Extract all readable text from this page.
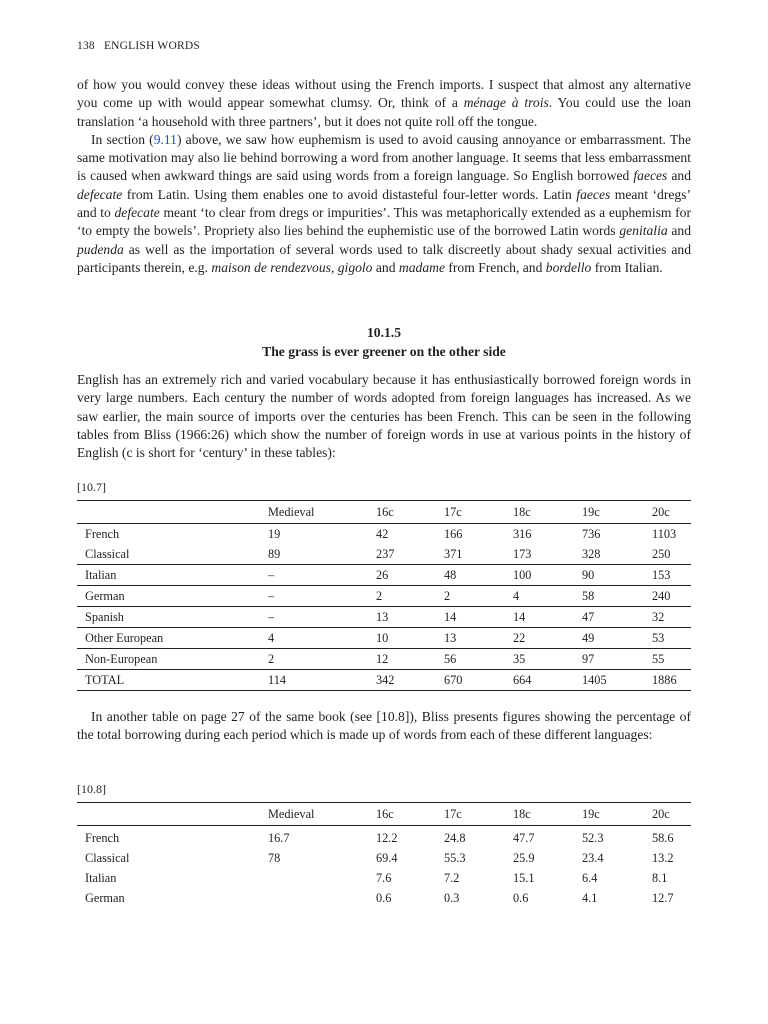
138 ENGLISH WORDS

of how you would convey these ideas without using the French imports. I suspect that almost any alternative you come up with would appear somewhat clumsy. Or, think of a ménage à trois. You could use the loan translation ‘a household with three partners’, but it does not quite roll off the tongue.

In section (9.11) above, we saw how euphemism is used to avoid causing annoyance or embarrassment. The same motivation may also lie behind borrowing a word from another language. It seems that less embarrassment is caused when awkward things are said using words from a foreign language. So English borrowed faeces and defecate from Latin. Using them enables one to avoid distasteful four-letter words. Latin faeces meant ‘dregs’ and to defecate meant ‘to clear from dregs or impurities’. This was metaphorically extended as a euphemism for ‘to empty the bowels’. Propriety also lies behind the euphemistic use of the borrowed Latin words genitalia and pudenda as well as the importation of several words used to talk discreetly about shady sexual activities and participants therein, e.g. maison de rendezvous, gigolo and madame from French, and bordello from Italian.

10.1.5
The grass is ever greener on the other side

English has an extremely rich and varied vocabulary because it has enthusiastically borrowed foreign words in very large numbers. Each century the number of words adopted from foreign languages has increased. As we saw earlier, the main source of imports over the centuries has been French. This can be seen in the following tables from Bliss (1966:26) which show the number of foreign words in use at various points in the history of English (c is short for ‘century’ in these tables):

[10.7]
	Medieval	16c	17c	18c	19c	20c
French	19	42	166	316	736	1103
Classical	89	237	371	173	328	250
Italian	–	26	48	100	90	153
German	–	2	2	4	58	240
Spanish	–	13	14	14	47	32
Other European	4	10	13	22	49	53
Non-European	2	12	56	35	97	55
TOTAL	114	342	670	664	1405	1886

In another table on page 27 of the same book (see [10.8]), Bliss presents figures showing the percentage of the total borrowing during each period which is made up of words from each of these different languages:

[10.8]
	Medieval	16c	17c	18c	19c	20c
French	16.7	12.2	24.8	47.7	52.3	58.6
Classical	78	69.4	55.3	25.9	23.4	13.2
Italian		7.6	7.2	15.1	6.4	8.1
German		0.6	0.3	0.6	4.1	12.7
